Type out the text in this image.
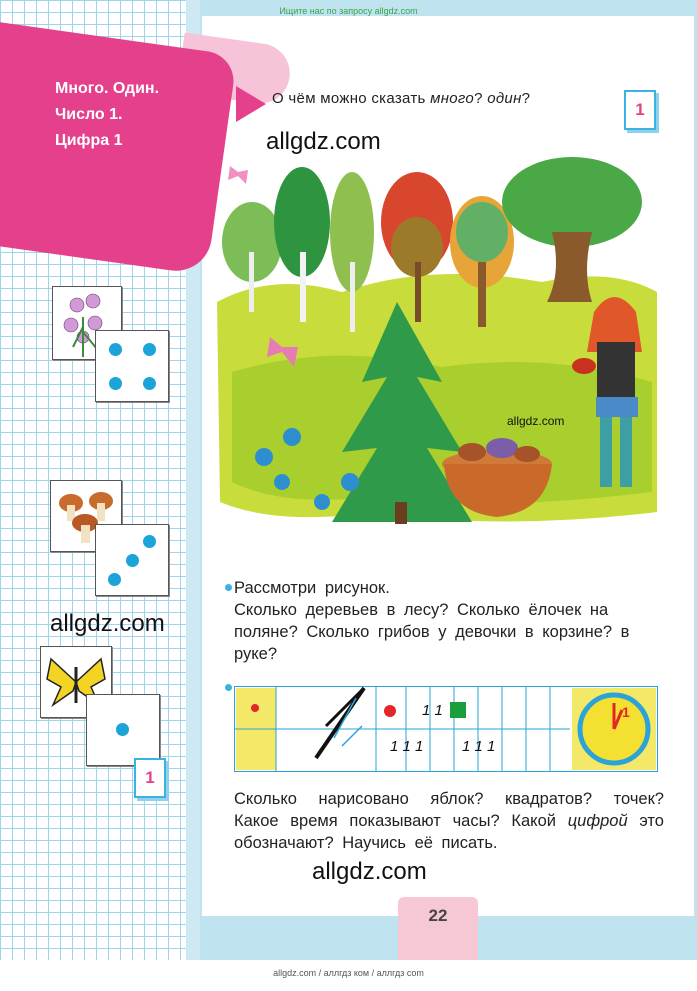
Ищите нас по запросу allgdz.com
Много. Один.
Число 1.
Цифра 1
allgdz.com
1
О чём можно сказать много? один?
1
allgdz.com
allgdz.com
Рассмотри рисунок.
Сколько деревьев в лесу? Сколько ёлочек на поляне? Сколько грибов у девочки в корзине? в руке?
1 1
1 1 1	1 1 1
1
Сколько нарисовано яблок? квадратов? точек? Какое время показывают часы? Какой цифрой это обозначают? Научись её писать.
allgdz.com
22
allgdz.com / аллгдз ком / аллгдз com
